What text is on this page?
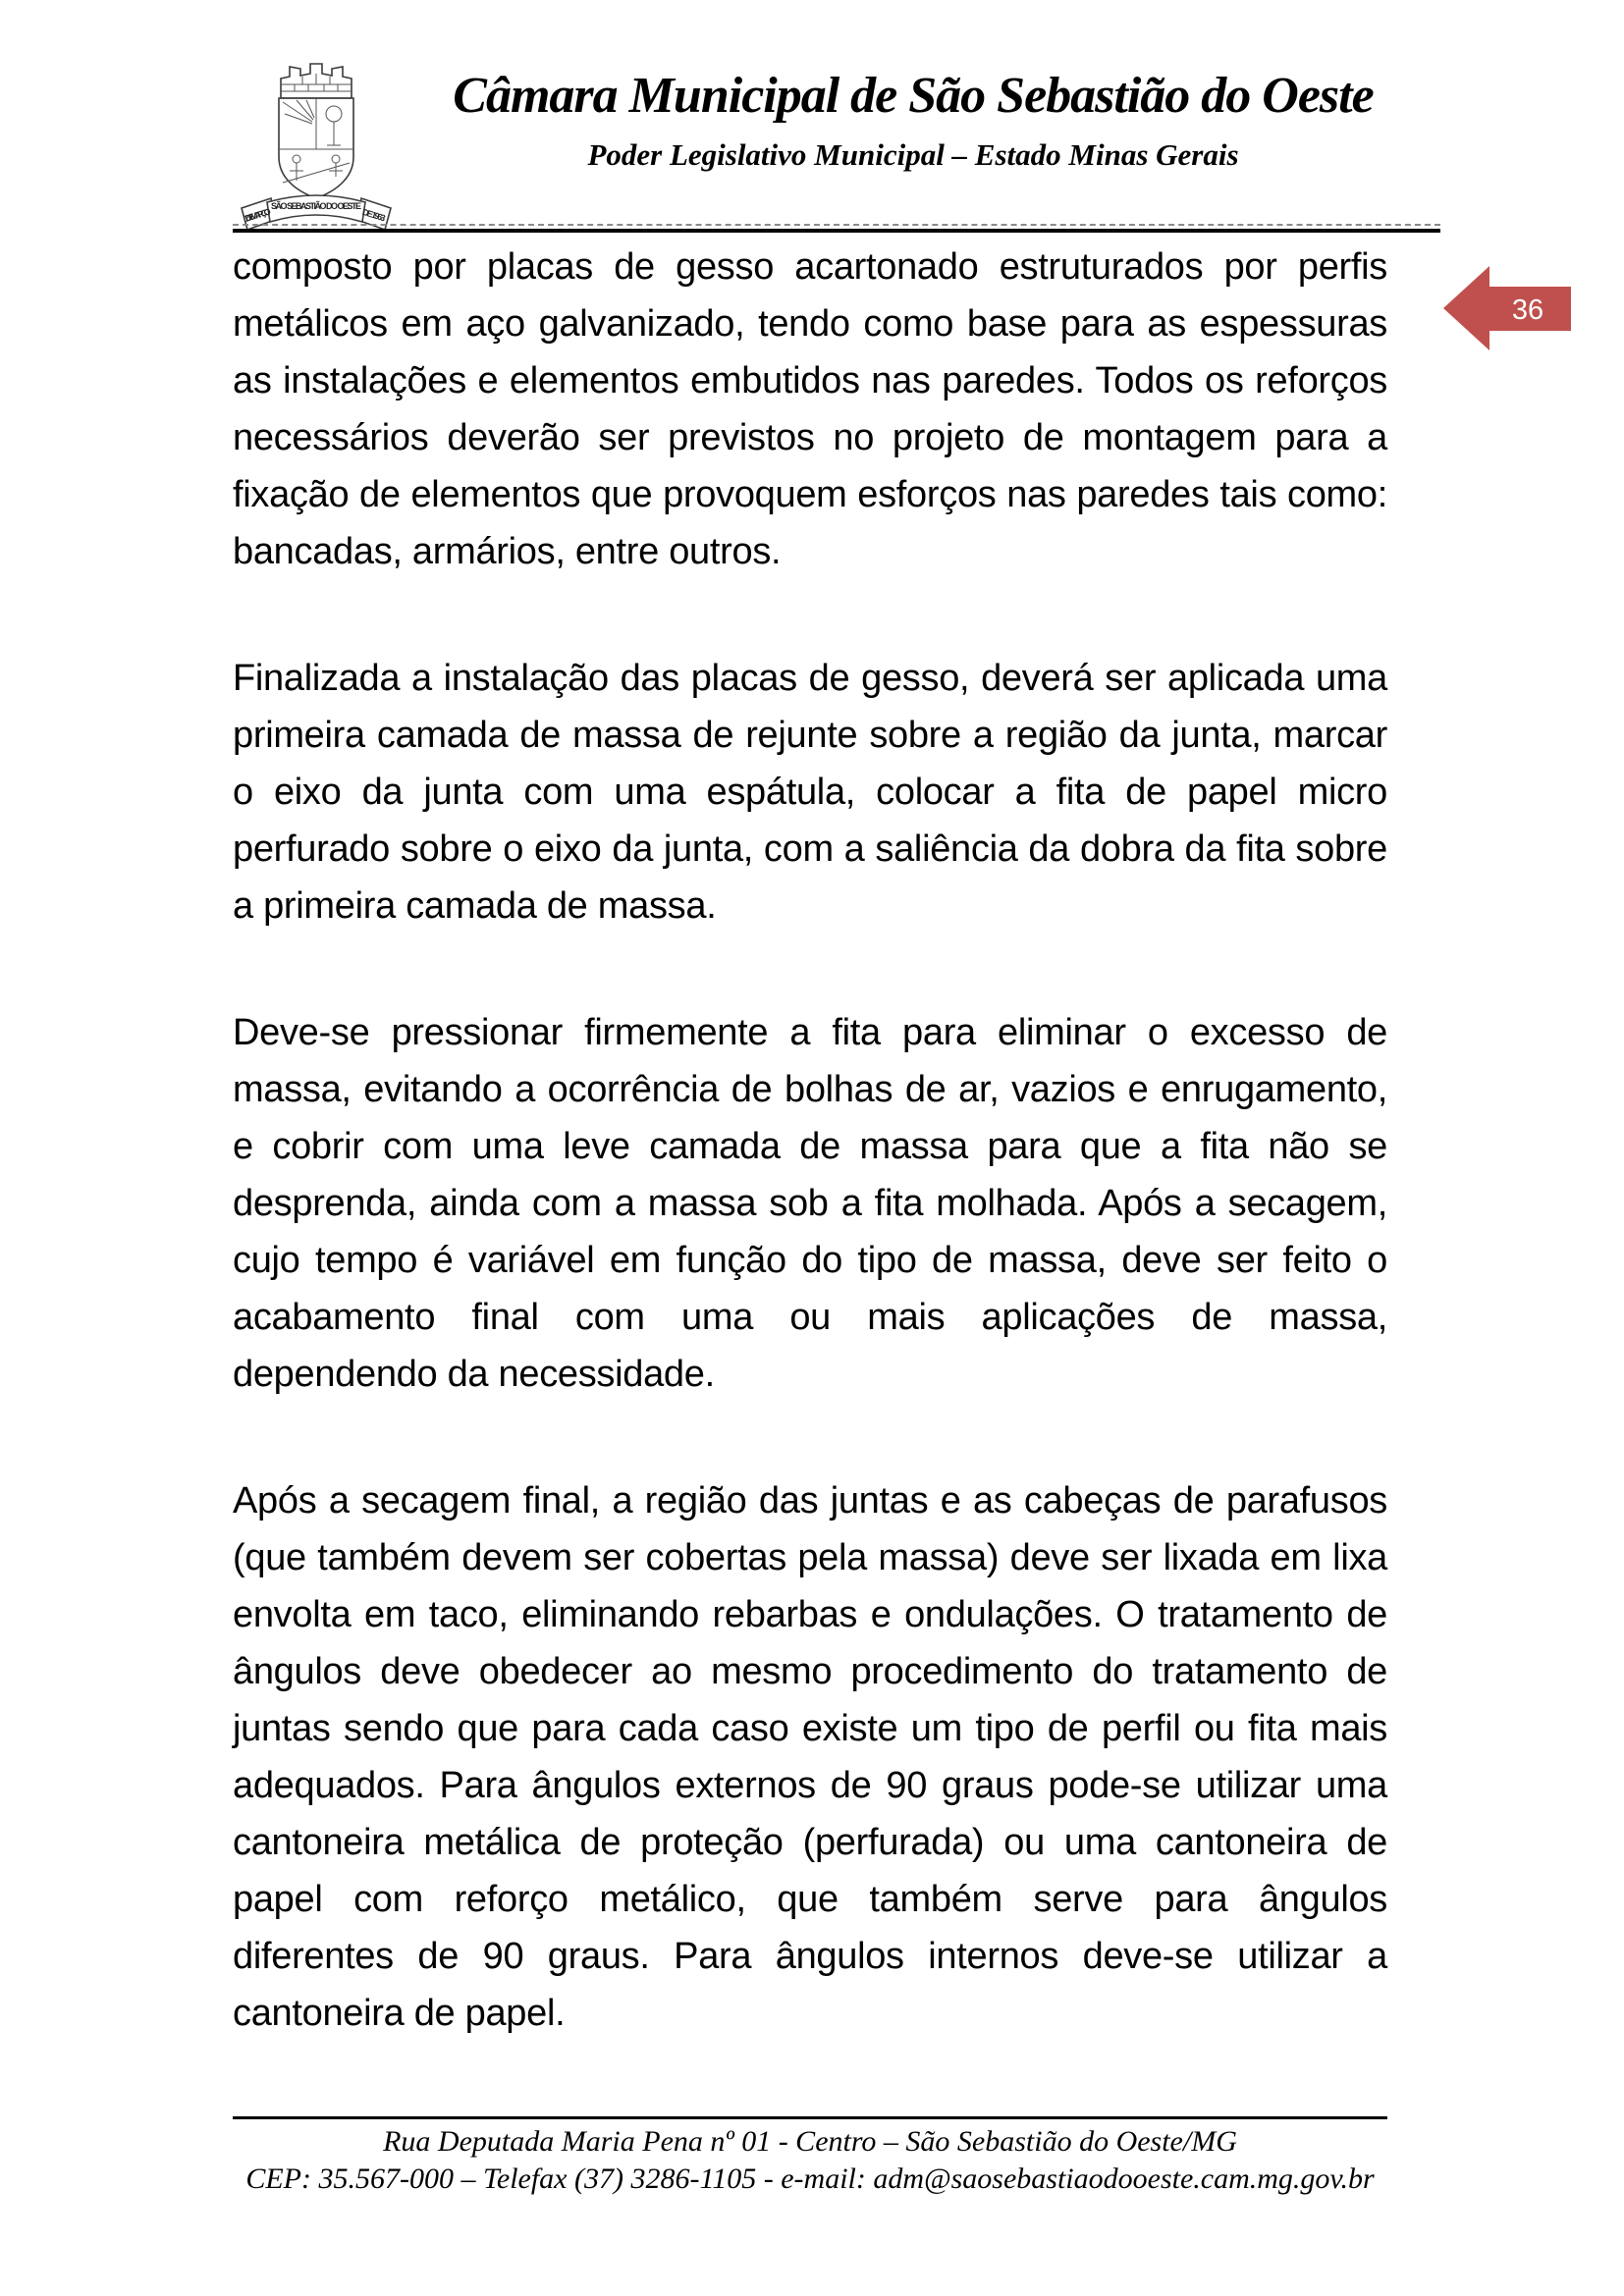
SÃO SEBASTIÃO DO OESTE
1º DE MARÇO	DE 1963
Câmara Municipal de São Sebastião do Oeste
Poder Legislativo Municipal – Estado Minas Gerais
36

composto por placas de gesso acartonado estruturados por perfis metálicos em aço galvanizado, tendo como base para as espessuras as instalações e elementos embutidos nas paredes. Todos os reforços necessários deverão ser previstos no projeto de montagem para a fixação de elementos que provoquem esforços nas paredes tais como: bancadas, armários, entre outros.

Finalizada a instalação das placas de gesso, deverá ser aplicada uma primeira camada de massa de rejunte sobre a região da junta, marcar o eixo da junta com uma espátula, colocar a fita de papel micro perfurado sobre o eixo da junta, com a saliência da dobra da fita sobre a primeira camada de massa.

Deve-se pressionar firmemente a fita para eliminar o excesso de massa, evitando a ocorrência de bolhas de ar, vazios e enrugamento, e cobrir com uma leve camada de massa para que a fita não se desprenda, ainda com a massa sob a fita molhada. Após a secagem, cujo tempo é variável em função do tipo de massa, deve ser feito o acabamento final com uma ou mais aplicações de massa, dependendo da necessidade.

Após a secagem final, a região das juntas e as cabeças de parafusos (que também devem ser cobertas pela massa) deve ser lixada em lixa envolta em taco, eliminando rebarbas e ondulações. O tratamento de ângulos deve obedecer ao mesmo procedimento do tratamento de juntas sendo que para cada caso existe um tipo de perfil ou fita mais adequados. Para ângulos externos de 90 graus pode-se utilizar uma cantoneira metálica de proteção (perfurada) ou uma cantoneira de papel com reforço metálico, que também serve para ângulos diferentes de 90 graus. Para ângulos internos deve-se utilizar a cantoneira de papel.

Rua Deputada Maria Pena nº 01 - Centro – São Sebastião do Oeste/MG
CEP: 35.567-000 – Telefax (37) 3286-1105 - e-mail: adm@saosebastiaodooeste.cam.mg.gov.br
